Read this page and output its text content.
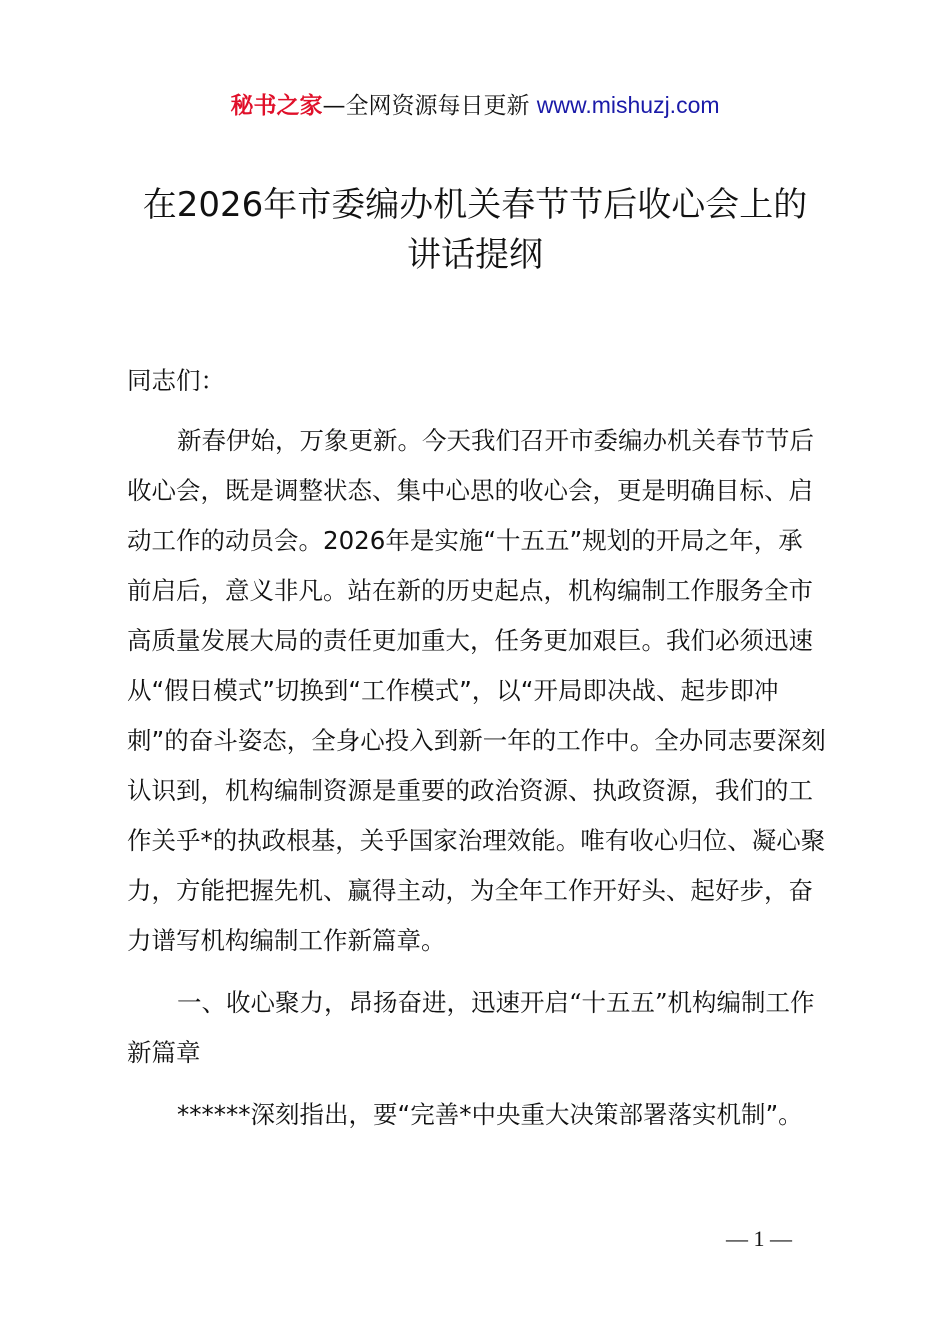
秘书之家—全网资源每日更新 www.mishuzj.com
在2026年市委编办机关春节节后收心会上的
讲话提纲
同志们：
新春伊始，万象更新。今天我们召开市委编办机关春节节后收心会，既是调整状态、集中心思的收心会，更是明确目标、启动工作的动员会。2026年是实施“十五五”规划的开局之年，承前启后，意义非凡。站在新的历史起点，机构编制工作服务全市高质量发展大局的责任更加重大，任务更加艰巨。我们必须迅速从“假日模式”切换到“工作模式”，以“开局即决战、起步即冲刺”的奋斗姿态，全身心投入到新一年的工作中。全办同志要深刻认识到，机构编制资源是重要的政治资源、执政资源，我们的工作关乎*的执政根基，关乎国家治理效能。唯有收心归位、凝心聚力，方能把握先机、赢得主动，为全年工作开好头、起好步，奋力谱写机构编制工作新篇章。
一、收心聚力，昂扬奋进，迅速开启“十五五”机构编制工作新篇章
******深刻指出，要“完善*中央重大决策部署落实机制”。
— 1 —
